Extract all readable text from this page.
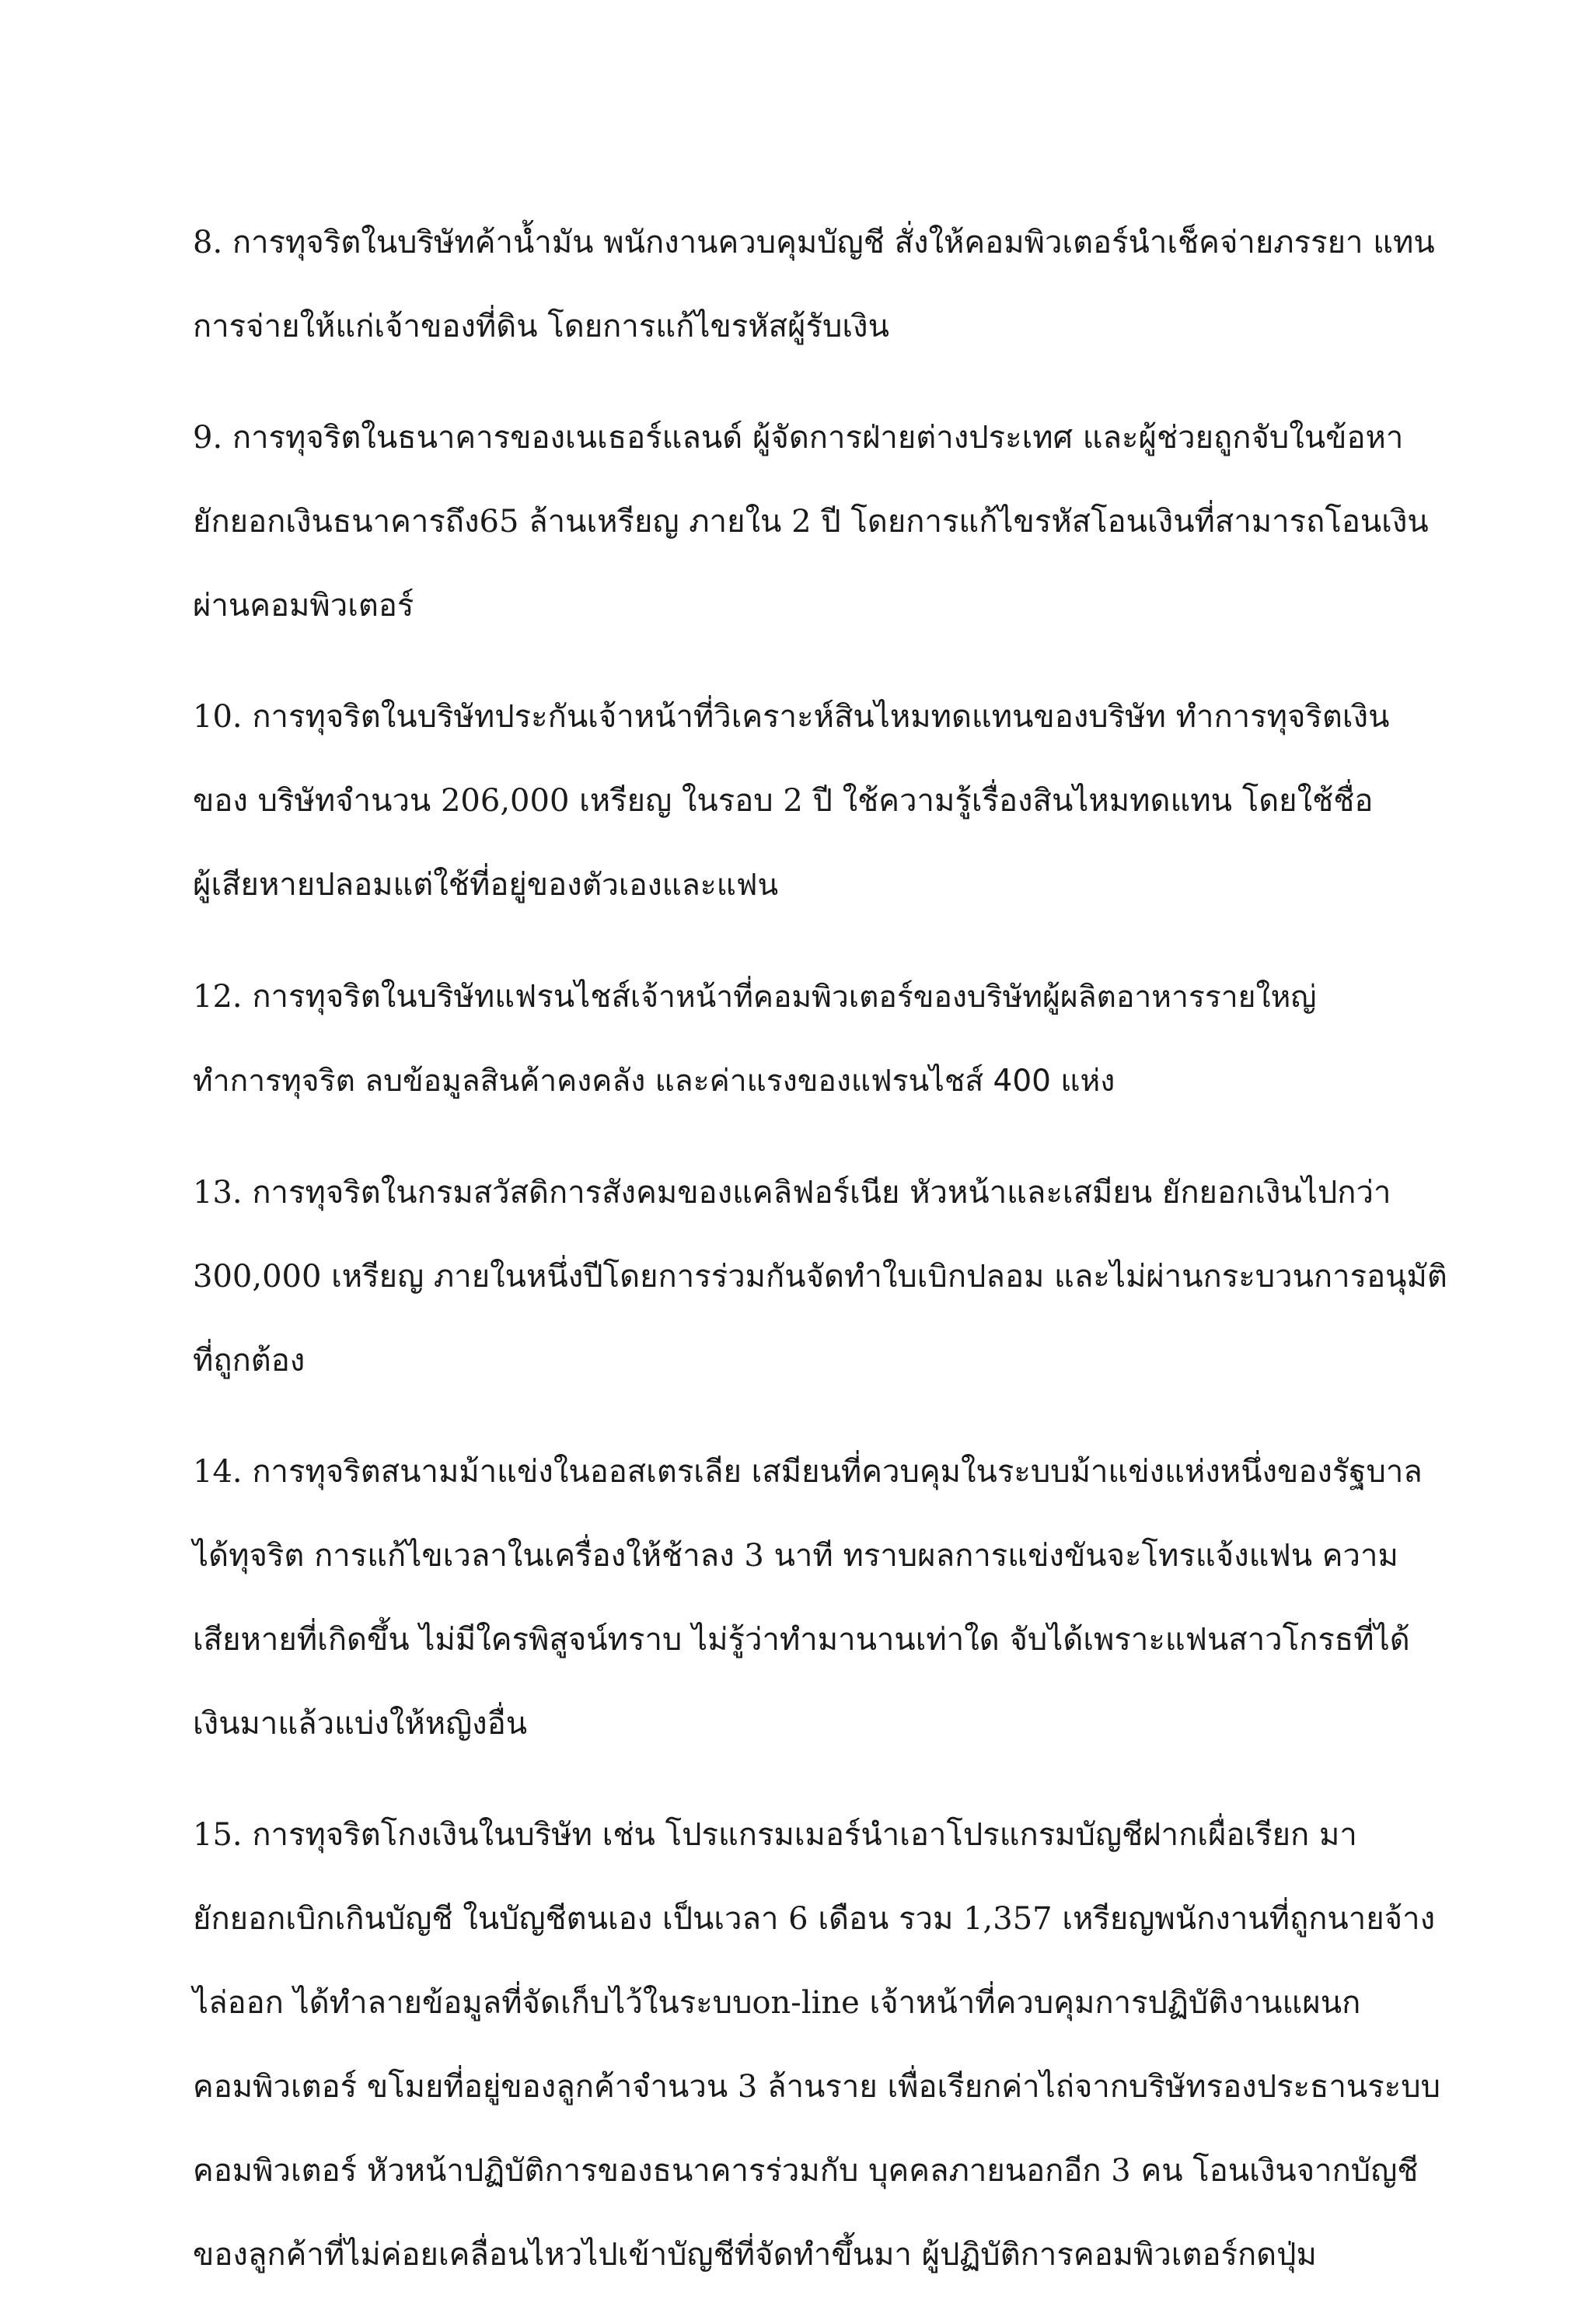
8. การทุจริตในบริษัทค้าน้ำมัน พนักงานควบคุมบัญชี สั่งให้คอมพิวเตอร์นำเช็คจ่ายภรรยา แทน
การจ่ายให้แก่เจ้าของที่ดิน โดยการแก้ไขรหัสผู้รับเงิน
9. การทุจริตในธนาคารของเนเธอร์แลนด์ ผู้จัดการฝ่ายต่างประเทศ และผู้ช่วยถูกจับในข้อหา
ยักยอกเงินธนาคารถึง65 ล้านเหรียญ ภายใน 2 ปี โดยการแก้ไขรหัสโอนเงินที่สามารถโอนเงิน
ผ่านคอมพิวเตอร์
10. การทุจริตในบริษัทประกันเจ้าหน้าที่วิเคราะห์สินไหมทดแทนของบริษัท ทำการทุจริตเงิน
ของ บริษัทจำนวน 206,000 เหรียญ ในรอบ 2 ปี ใช้ความรู้เรื่องสินไหมทดแทน โดยใช้ชื่อ
ผู้เสียหายปลอมแต่ใช้ที่อยู่ของตัวเองและแฟน
12. การทุจริตในบริษัทแฟรนไชส์เจ้าหน้าที่คอมพิวเตอร์ของบริษัทผู้ผลิตอาหารรายใหญ่
ทำการทุจริต ลบข้อมูลสินค้าคงคลัง และค่าแรงของแฟรนไชส์ 400 แห่ง
13. การทุจริตในกรมสวัสดิการสังคมของแคลิฟอร์เนีย หัวหน้าและเสมียน ยักยอกเงินไปกว่า
300,000 เหรียญ ภายในหนึ่งปีโดยการร่วมกันจัดทำใบเบิกปลอม และไม่ผ่านกระบวนการอนุมัติ
ที่ถูกต้อง
14. การทุจริตสนามม้าแข่งในออสเตรเลีย เสมียนที่ควบคุมในระบบม้าแข่งแห่งหนึ่งของรัฐบาล
ได้ทุจริต การแก้ไขเวลาในเครื่องให้ช้าลง 3 นาที ทราบผลการแข่งขันจะโทรแจ้งแฟน ความ
เสียหายที่เกิดขึ้น ไม่มีใครพิสูจน์ทราบ ไม่รู้ว่าทำมานานเท่าใด จับได้เพราะแฟนสาวโกรธที่ได้
เงินมาแล้วแบ่งให้หญิงอื่น
15. การทุจริตโกงเงินในบริษัท เช่น โปรแกรมเมอร์นำเอาโปรแกรมบัญชีฝากเผื่อเรียก มา
ยักยอกเบิกเกินบัญชี ในบัญชีตนเอง เป็นเวลา 6 เดือน รวม 1,357 เหรียญพนักงานที่ถูกนายจ้าง
ไล่ออก ได้ทำลายข้อมูลที่จัดเก็บไว้ในระบบon-line เจ้าหน้าที่ควบคุมการปฏิบัติงานแผนก
คอมพิวเตอร์ ขโมยที่อยู่ของลูกค้าจำนวน 3 ล้านราย เพื่อเรียกค่าไถ่จากบริษัทรองประธานระบบ
คอมพิวเตอร์ หัวหน้าปฏิบัติการของธนาคารร่วมกับ บุคคลภายนอกอีก 3 คน โอนเงินจากบัญชี
ของลูกค้าที่ไม่ค่อยเคลื่อนไหวไปเข้าบัญชีที่จัดทำขึ้นมา ผู้ปฏิบัติการคอมพิวเตอร์กดปุ่ม
